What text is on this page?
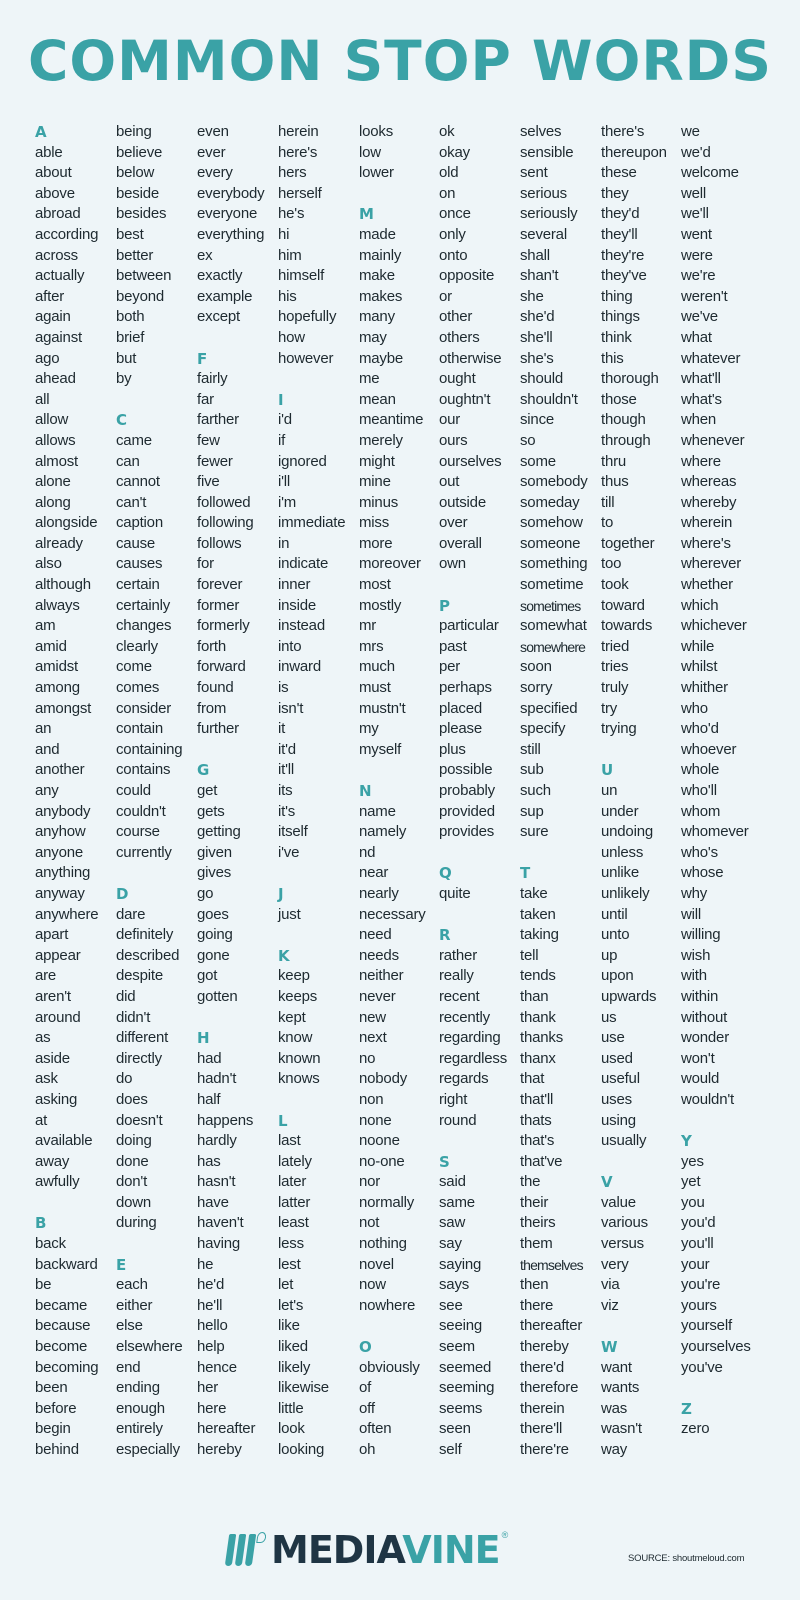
COMMON STOP WORDS
A
able
about
above
abroad
according
across
actually
after
again
against
ago
ahead
all
allow
allows
almost
alone
along
alongside
already
also
although
always
am
amid
amidst
among
amongst
an
and
another
any
anybody
anyhow
anyone
anything
anyway
anywhere
apart
appear
are
aren't
around
as
aside
ask
asking
at
available
away
awfully
B
back
backward
be
became
because
become
becoming
been
before
begin
behind
being
believe
below
beside
besides
best
better
between
beyond
both
brief
but
by
C
came
can
cannot
can't
caption
cause
causes
certain
certainly
changes
clearly
come
comes
consider
contain
containing
contains
could
couldn't
course
currently
D
dare
definitely
described
despite
did
didn't
different
directly
do
does
doesn't
doing
done
don't
down
during
E
each
either
else
elsewhere
end
ending
enough
entirely
especially
even
ever
every
everybody
everyone
everything
ex
exactly
example
except
F
fairly
far
farther
few
fewer
five
followed
following
follows
for
forever
former
formerly
forth
forward
found
from
further
G
get
gets
getting
given
gives
go
goes
going
gone
got
gotten
H
had
hadn't
half
happens
hardly
has
hasn't
have
haven't
having
he
he'd
he'll
hello
help
hence
her
here
hereafter
hereby
herein
here's
hers
herself
he's
hi
him
himself
his
hopefully
how
however
I
i'd
if
ignored
i'll
i'm
immediate
in
indicate
inner
inside
instead
into
inward
is
isn't
it
it'd
it'll
its
it's
itself
i've
J
just
K
keep
keeps
kept
know
known
knows
L
last
lately
later
latter
least
less
lest
let
let's
like
liked
likely
likewise
little
look
looking
looks
low
lower
M
made
mainly
make
makes
many
may
maybe
me
mean
meantime
merely
might
mine
minus
miss
more
moreover
most
mostly
mr
mrs
much
must
mustn't
my
myself
N
name
namely
nd
near
nearly
necessary
need
needs
neither
never
new
next
no
nobody
non
none
noone
no-one
nor
normally
not
nothing
novel
now
nowhere
O
obviously
of
off
often
oh
ok
okay
old
on
once
only
onto
opposite
or
other
others
otherwise
ought
oughtn't
our
ours
ourselves
out
outside
over
overall
own
P
particular
past
per
perhaps
placed
please
plus
possible
probably
provided
provides
Q
quite
R
rather
really
recent
recently
regarding
regardless
regards
right
round
S
said
same
saw
say
saying
says
see
seeing
seem
seemed
seeming
seems
seen
self
selves
sensible
sent
serious
seriously
several
shall
shan't
she
she'd
she'll
she's
should
shouldn't
since
so
some
somebody
someday
somehow
someone
something
sometime
sometimes
somewhat
somewhere
soon
sorry
specified
specify
still
sub
such
sup
sure
T
take
taken
taking
tell
tends
than
thank
thanks
thanx
that
that'll
thats
that's
that've
the
their
theirs
them
themselves
then
there
thereafter
thereby
there'd
therefore
therein
there'll
there're
there's
thereupon
these
they
they'd
they'll
they're
they've
thing
things
think
this
thorough
those
though
through
thru
thus
till
to
together
too
took
toward
towards
tried
tries
truly
try
trying
U
un
under
undoing
unless
unlike
unlikely
until
unto
up
upon
upwards
us
use
used
useful
uses
using
usually
V
value
various
versus
very
via
viz
W
want
wants
was
wasn't
way
we
we'd
welcome
well
we'll
went
were
we're
weren't
we've
what
whatever
what'll
what's
when
whenever
where
whereas
whereby
wherein
where's
wherever
whether
which
whichever
while
whilst
whither
who
who'd
whoever
whole
who'll
whom
whomever
who's
whose
why
will
willing
wish
with
within
without
wonder
won't
would
wouldn't
Y
yes
yet
you
you'd
you'll
your
you're
yours
yourself
yourselves
you've
Z
zero
MEDIAVINE ®
SOURCE: shoutmeloud.com
